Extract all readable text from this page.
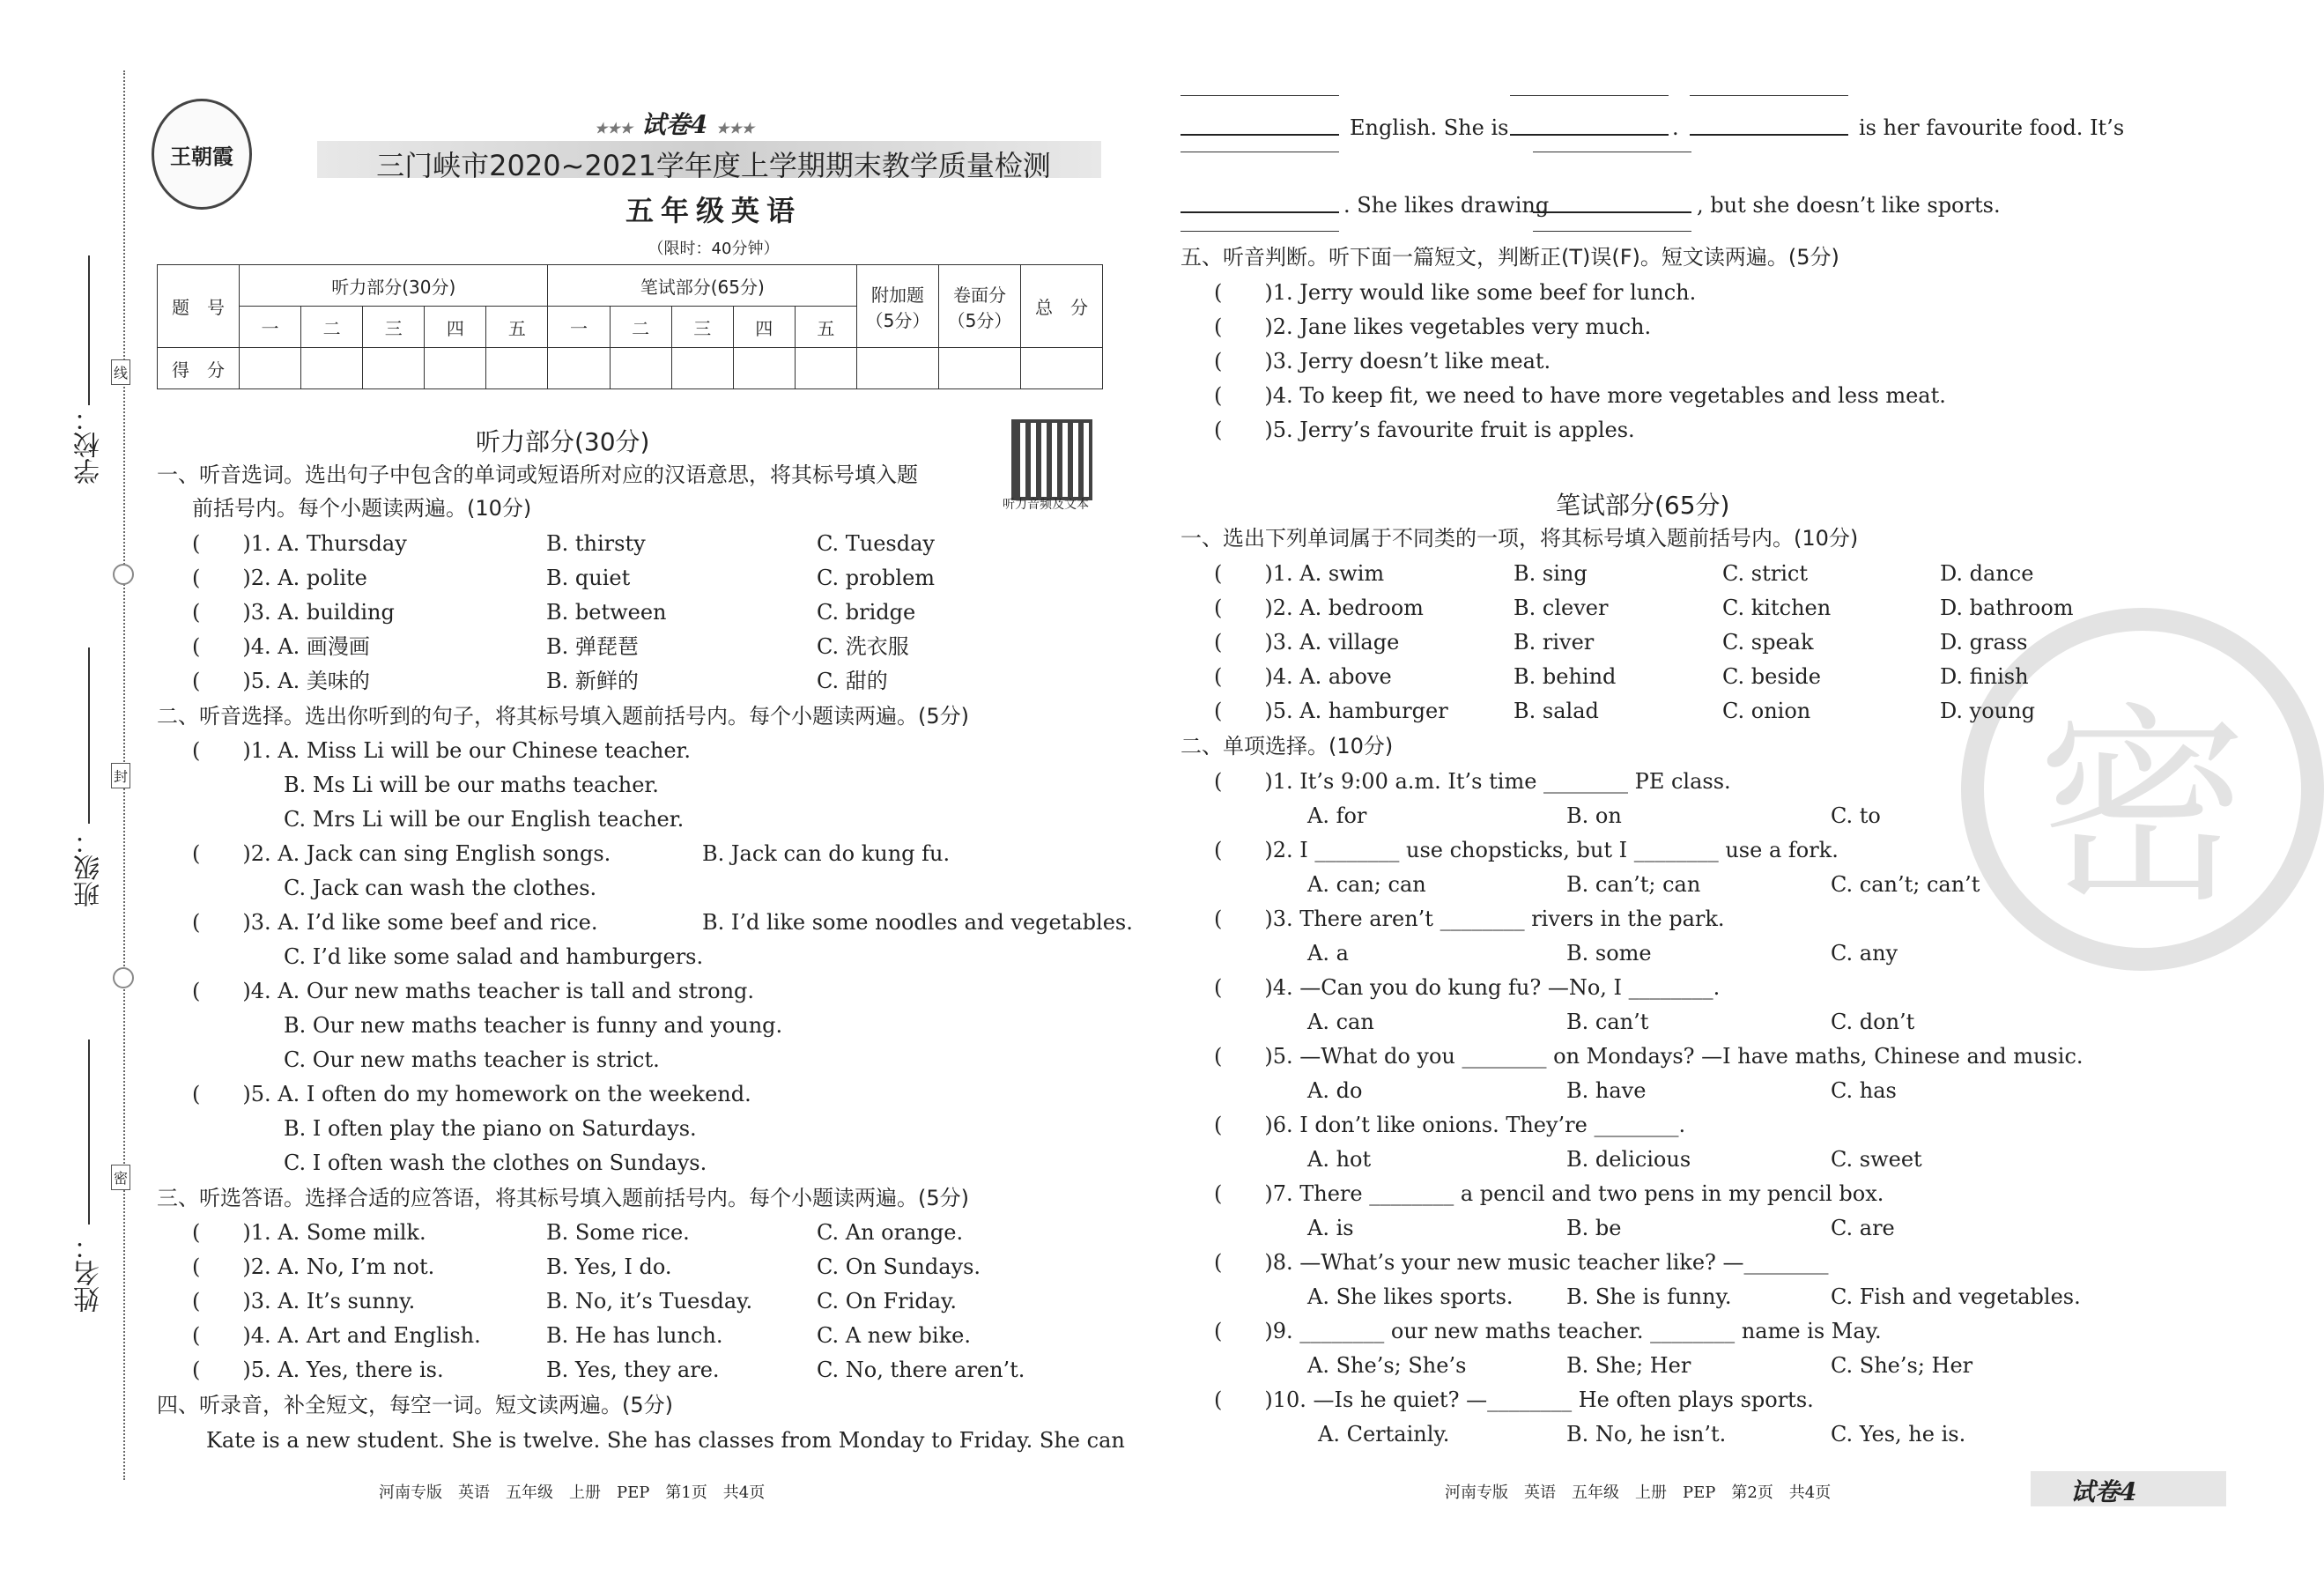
学校：
班级：
姓名：
线
封
密
王朝霞
★★★ 试卷4 ★★★
三门峡市2020~2021学年度上学期期末教学质量检测
五年级英语
（限时：40分钟）
题　号	听力部分(30分)					笔试部分(65分)					附加题（5分）	卷面分（5分）	总　分
	一	二	三	四	五	一	二	三	四	五			
得　分													
听力音频及文本
听力部分(30分)
一、听音选词。选出句子中包含的单词或短语所对应的汉语意思，将其标号填入题
前括号内。每个小题读两遍。(10分)
(　　)1. A. Thursday	B. thirsty	C. Tuesday
(　　)2. A. polite	B. quiet	C. problem
(　　)3. A. building	B. between	C. bridge
(　　)4. A. 画漫画	B. 弹琵琶	C. 洗衣服
(　　)5. A. 美味的	B. 新鲜的	C. 甜的
二、听音选择。选出你听到的句子，将其标号填入题前括号内。每个小题读两遍。(5分)
(　　)1. A. Miss Li will be our Chinese teacher.
B. Ms Li will be our maths teacher.
C. Mrs Li will be our English teacher.
(　　)2. A. Jack can sing English songs.	B. Jack can do kung fu.
C. Jack can wash the clothes.
(　　)3. A. I’d like some beef and rice.	B. I’d like some noodles and vegetables.
C. I’d like some salad and hamburgers.
(　　)4. A. Our new maths teacher is tall and strong.
B. Our new maths teacher is funny and young.
C. Our new maths teacher is strict.
(　　)5. A. I often do my homework on the weekend.
B. I often play the piano on Saturdays.
C. I often wash the clothes on Sundays.
三、听选答语。选择合适的应答语，将其标号填入题前括号内。每个小题读两遍。(5分)
(　　)1. A. Some milk.	B. Some rice.	C. An orange.
(　　)2. A. No, I’m not.	B. Yes, I do.	C. On Sundays.
(　　)3. A. It’s sunny.	B. No, it’s Tuesday.	C. On Friday.
(　　)4. A. Art and English.	B. He has lunch.	C. A new bike.
(　　)5. A. Yes, there is.	B. Yes, they are.	C. No, there aren’t.
四、听录音，补全短文，每空一词。短文读两遍。(5分)
Kate is a new student. She is twelve. She has classes from Monday to Friday. She can
河南专版　英语　五年级　上册　PEP　第1页　共4页
English. She is	.	is her favourite food. It’s
. She likes drawing	, but she doesn’t like sports.
五、听音判断。听下面一篇短文，判断正(T)误(F)。短文读两遍。(5分)
(　　)1. Jerry would like some beef for lunch.
(　　)2. Jane likes vegetables very much.
(　　)3. Jerry doesn’t like meat.
(　　)4. To keep fit, we need to have more vegetables and less meat.
(　　)5. Jerry’s favourite fruit is apples.
密
笔试部分(65分)
一、选出下列单词属于不同类的一项，将其标号填入题前括号内。(10分)
(　　)1. A. swim	B. sing	C. strict	D. dance
(　　)2. A. bedroom	B. clever	C. kitchen	D. bathroom
(　　)3. A. village	B. river	C. speak	D. grass
(　　)4. A. above	B. behind	C. beside	D. finish
(　　)5. A. hamburger	B. salad	C. onion	D. young
二、单项选择。(10分)
(　　)1. It’s 9:00 a.m. It’s time ________ PE class.
A. for	B. on	C. to
(　　)2. I ________ use chopsticks, but I ________ use a fork.
A. can; can	B. can’t; can	C. can’t; can’t
(　　)3. There aren’t ________ rivers in the park.
A. a	B. some	C. any
(　　)4. —Can you do kung fu? —No, I ________.
A. can	B. can’t	C. don’t
(　　)5. —What do you ________ on Mondays? —I have maths, Chinese and music.
A. do	B. have	C. has
(　　)6. I don’t like onions. They’re ________.
A. hot	B. delicious	C. sweet
(　　)7. There ________ a pencil and two pens in my pencil box.
A. is	B. be	C. are
(　　)8. —What’s your new music teacher like? —________
A. She likes sports.	B. She is funny.	C. Fish and vegetables.
(　　)9. ________ our new maths teacher. ________ name is May.
A. She’s; She’s	B. She; Her	C. She’s; Her
(　　)10. —Is he quiet? —________ He often plays sports.
A. Certainly.	B. No, he isn’t.	C. Yes, he is.
河南专版　英语　五年级　上册　PEP　第2页　共4页	试卷4
